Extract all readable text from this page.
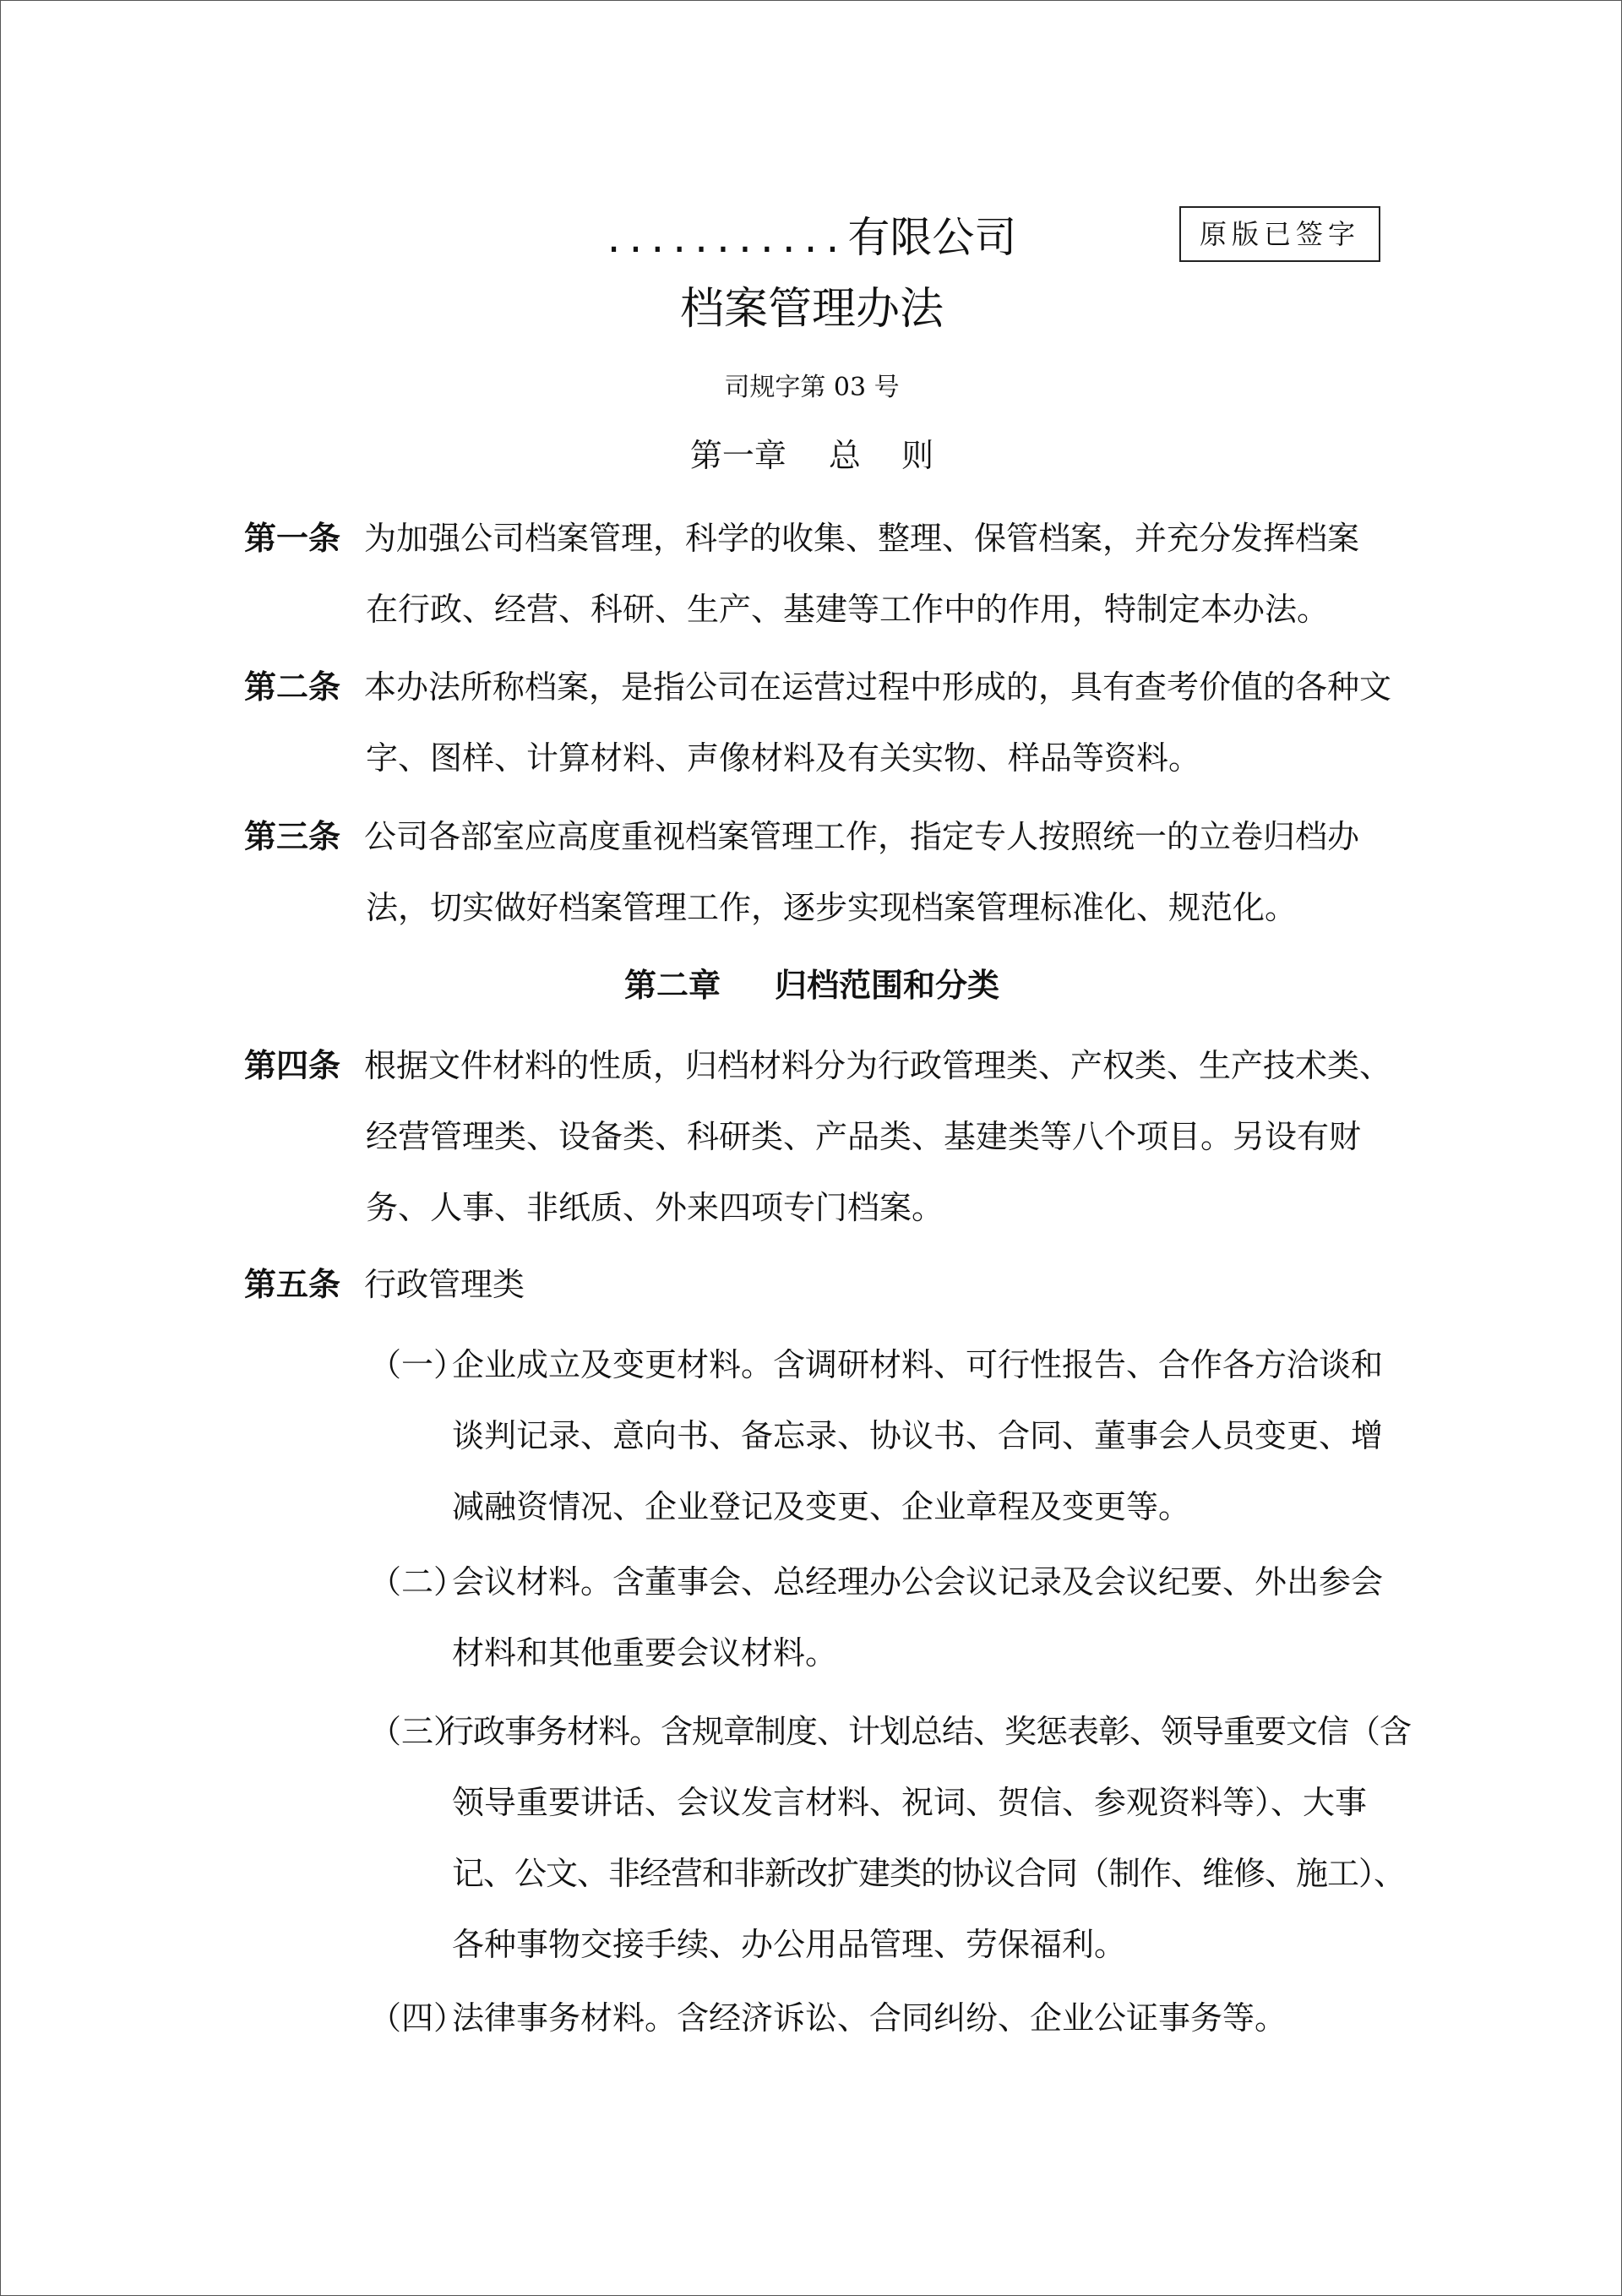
原版已签字
...........有限公司
档案管理办法
司规字第 03 号
第一章 总    则
第一条 为加强公司档案管理，科学的收集、整理、保管档案，并充分发挥档案
在行政、经营、科研、生产、基建等工作中的作用，特制定本办法。
第二条 本办法所称档案，是指公司在运营过程中形成的，具有查考价值的各种文
字、图样、计算材料、声像材料及有关实物、样品等资料。
第三条 公司各部室应高度重视档案管理工作，指定专人按照统一的立卷归档办
法，切实做好档案管理工作，逐步实现档案管理标准化、规范化。
第二章 归档范围和分类
第四条 根据文件材料的性质，归档材料分为行政管理类、产权类、生产技术类、
经营管理类、设备类、科研类、产品类、基建类等八个项目。另设有财
务、人事、非纸质、外来四项专门档案。
第五条 行政管理类
（一）
企业成立及变更材料。含调研材料、可行性报告、合作各方洽谈和
谈判记录、意向书、备忘录、协议书、合同、董事会人员变更、增
减融资情况、企业登记及变更、企业章程及变更等。
（二）
会议材料。含董事会、总经理办公会议记录及会议纪要、外出参会
材料和其他重要会议材料。
（三）
行政事务材料。含规章制度、计划总结、奖惩表彰、领导重要文信（含
领导重要讲话、会议发言材料、祝词、贺信、参观资料等）、大事
记、公文、非经营和非新改扩建类的协议合同（制作、维修、施工）、
各种事物交接手续、办公用品管理、劳保福利。
（四）
法律事务材料。含经济诉讼、合同纠纷、企业公证事务等。
